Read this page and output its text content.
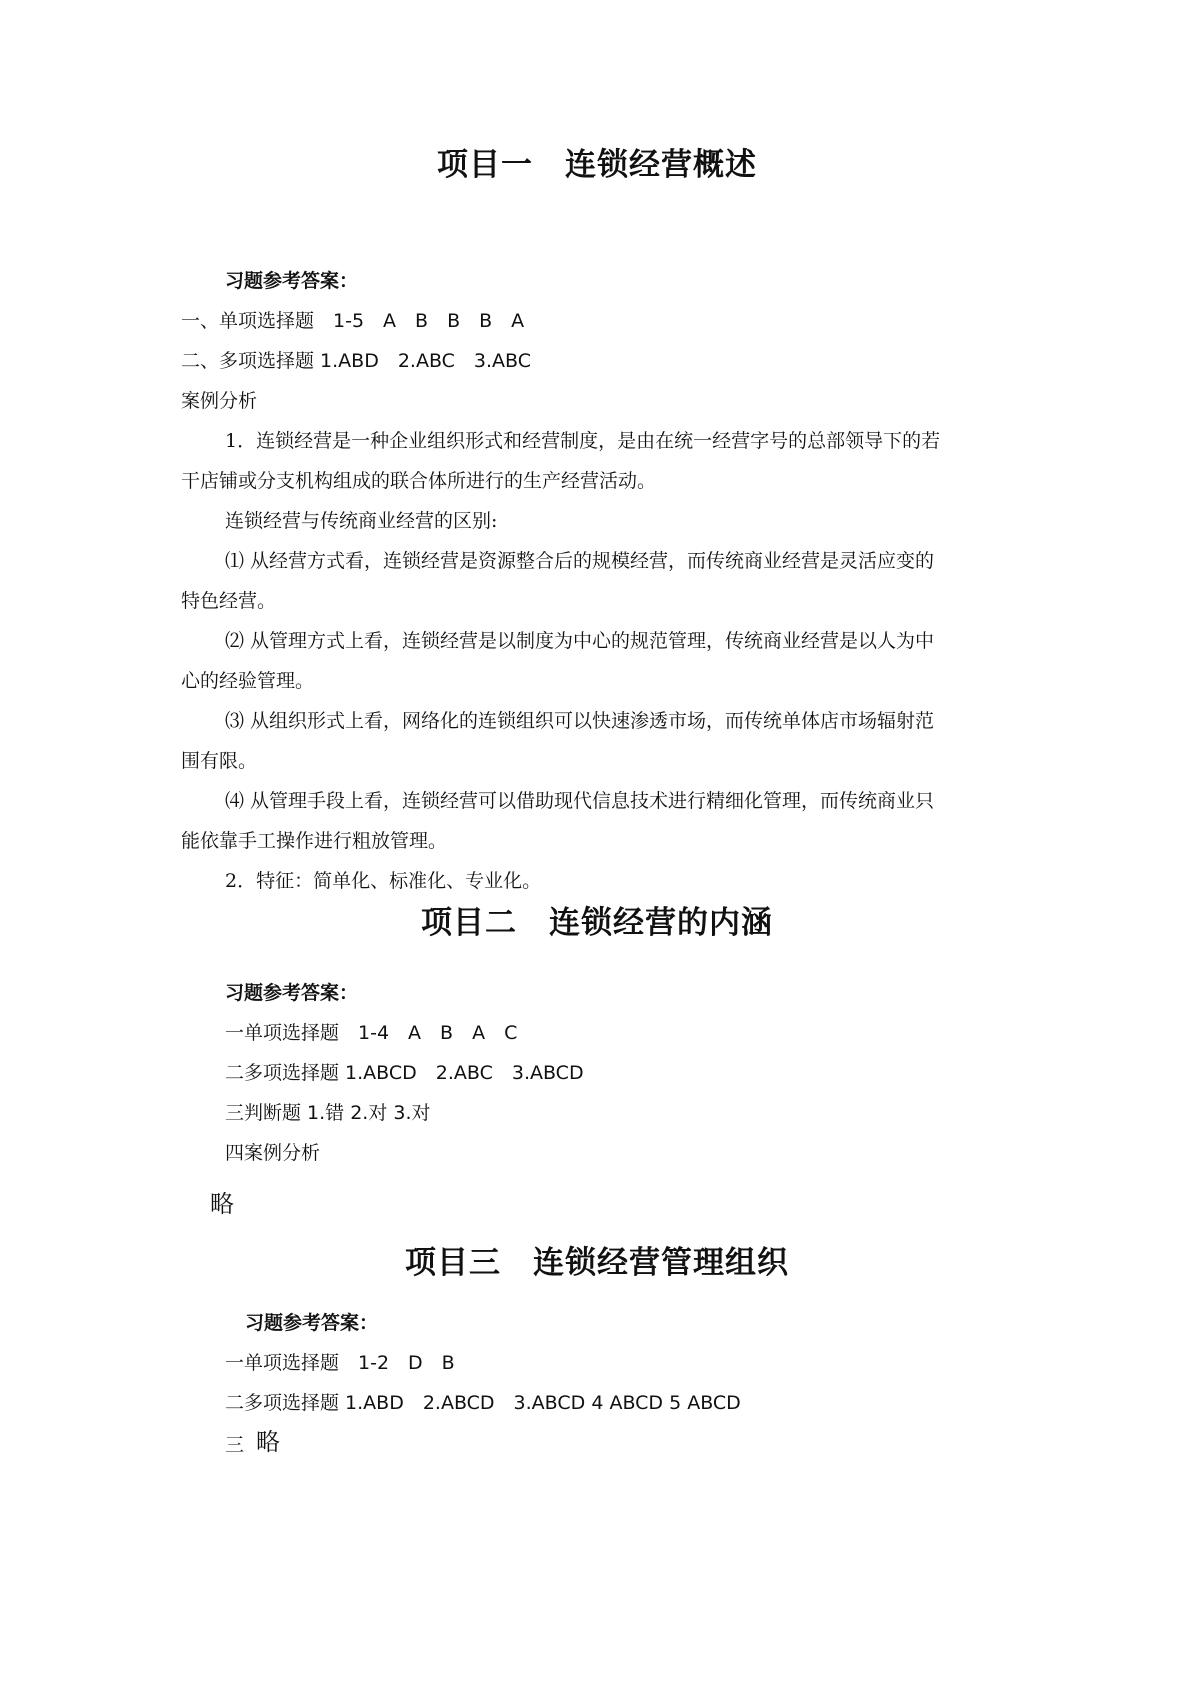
项目一　连锁经营概述

习题参考答案：

一、单项选择题　1-5　A　B　B　B　A

二、多项选择题 1.ABD　2.ABC　3.ABC

案例分析

1．连锁经营是一种企业组织形式和经营制度，是由在统一经营字号的总部领导下的若

干店铺或分支机构组成的联合体所进行的生产经营活动。

连锁经营与传统商业经营的区别:

⑴ 从经营方式看，连锁经营是资源整合后的规模经营，而传统商业经营是灵活应变的

特色经营。

⑵ 从管理方式上看，连锁经营是以制度为中心的规范管理，传统商业经营是以人为中

心的经验管理。

⑶ 从组织形式上看，网络化的连锁组织可以快速渗透市场，而传统单体店市场辐射范

围有限。

⑷ 从管理手段上看，连锁经营可以借助现代信息技术进行精细化管理，而传统商业只

能依靠手工操作进行粗放管理。

2．特征：简单化、标准化、专业化。

项目二　连锁经营的内涵

习题参考答案：

一单项选择题　1-4　A　B　A　C

二多项选择题 1.ABCD　2.ABC　3.ABCD

三判断题 1.错 2.对 3.对

四案例分析

略

项目三　连锁经营管理组织

习题参考答案：

一单项选择题　1-2　D　B

二多项选择题 1.ABD　2.ABCD　3.ABCD 4 ABCD 5 ABCD

三 略
